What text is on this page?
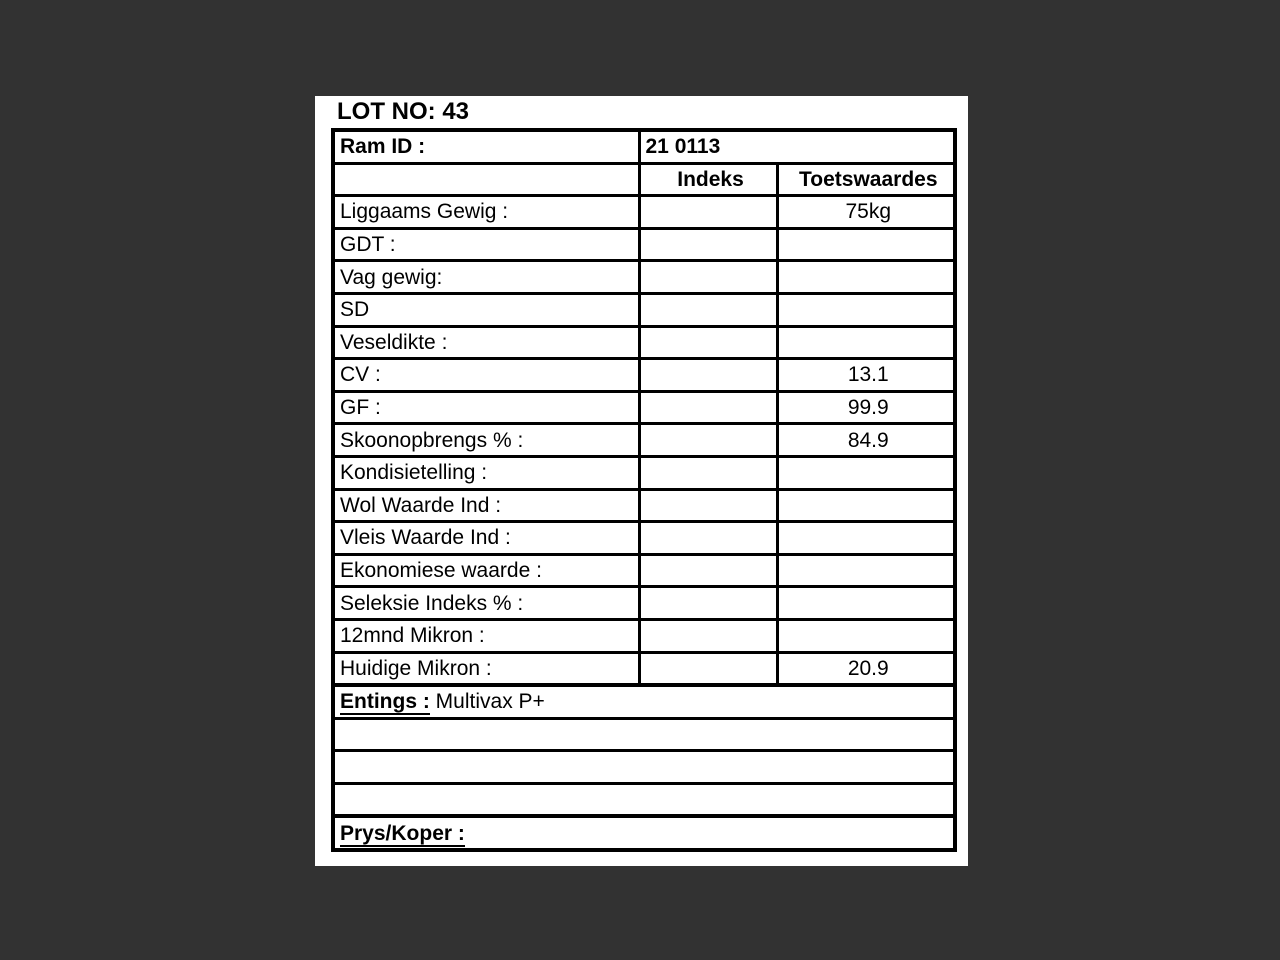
LOT NO: 43
Ram ID :	21 0113	
	Indeks	Toetswaardes
Liggaams Gewig :		75kg
GDT :		
Vag gewig:		
SD		
Veseldikte :		
CV :		13.1
GF :		99.9
Skoonopbrengs % :		84.9
Kondisietelling :		
Wol Waarde Ind :		
Vleis Waarde Ind :		
Ekonomiese waarde :		
Seleksie Indeks % :		
12mnd Mikron :		
Huidige Mikron :		20.9
Entings : Multivax P+		

Prys/Koper :		
